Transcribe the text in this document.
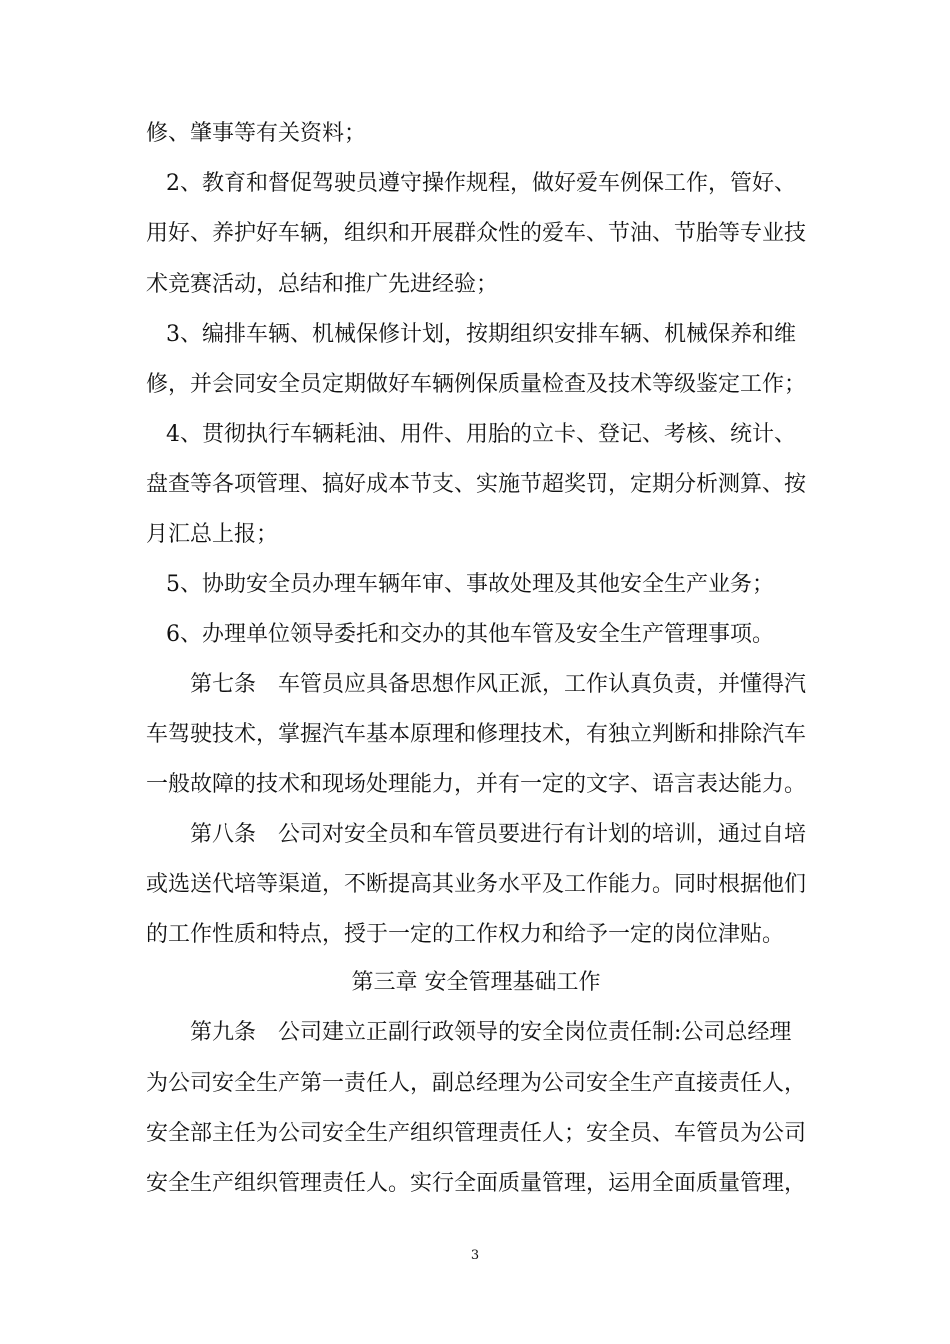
修、肇事等有关资料；
2、教育和督促驾驶员遵守操作规程，做好爱车例保工作，管好、
用好、养护好车辆，组织和开展群众性的爱车、节油、节胎等专业技
术竞赛活动，总结和推广先进经验；
3、编排车辆、机械保修计划，按期组织安排车辆、机械保养和维
修，并会同安全员定期做好车辆例保质量检查及技术等级鉴定工作；
4、贯彻执行车辆耗油、用件、用胎的立卡、登记、考核、统计、
盘查等各项管理、搞好成本节支、实施节超奖罚，定期分析测算、按
月汇总上报；
5、协助安全员办理车辆年审、事故处理及其他安全生产业务；
6、办理单位领导委托和交办的其他车管及安全生产管理事项。
第七条　车管员应具备思想作风正派，工作认真负责，并懂得汽
车驾驶技术，掌握汽车基本原理和修理技术，有独立判断和排除汽车
一般故障的技术和现场处理能力，并有一定的文字、语言表达能力。
第八条　公司对安全员和车管员要进行有计划的培训，通过自培
或选送代培等渠道，不断提高其业务水平及工作能力。同时根据他们
的工作性质和特点，授于一定的工作权力和给予一定的岗位津贴。
第三章 安全管理基础工作
第九条　公司建立正副行政领导的安全岗位责任制:公司总经理
为公司安全生产第一责任人，副总经理为公司安全生产直接责任人，
安全部主任为公司安全生产组织管理责任人；安全员、车管员为公司
安全生产组织管理责任人。实行全面质量管理，运用全面质量管理，
3
